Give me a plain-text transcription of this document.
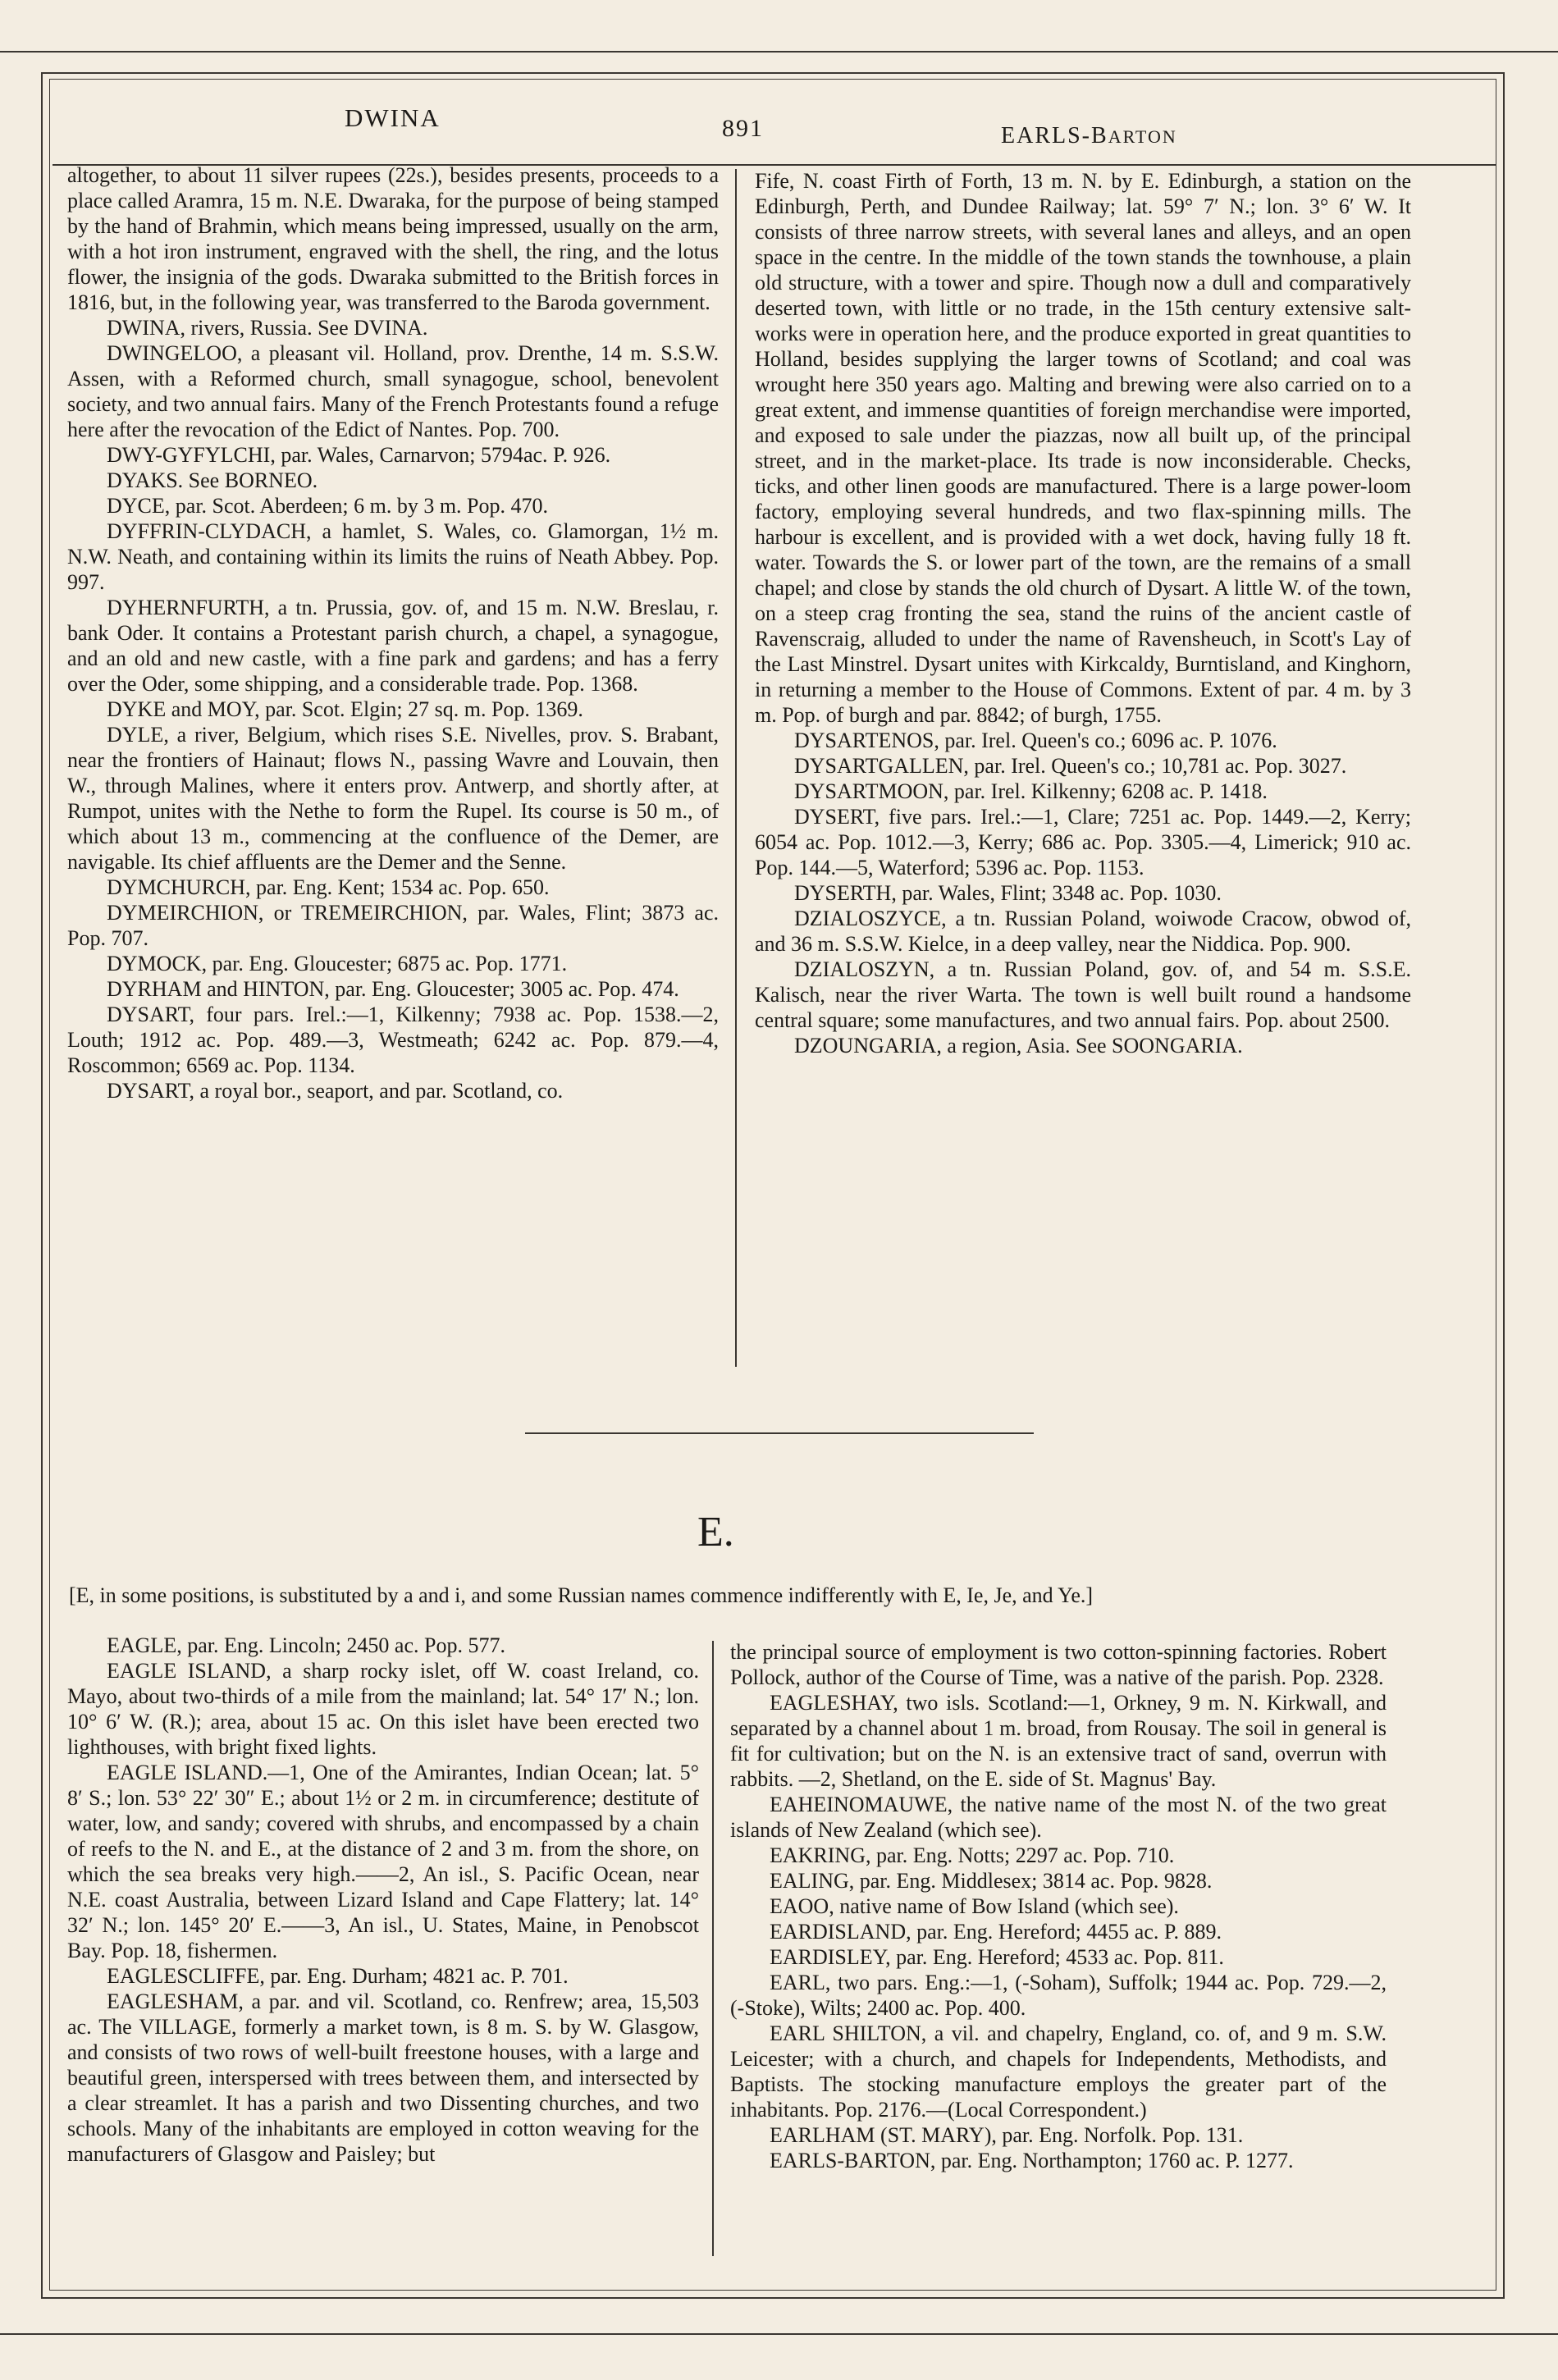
DWINA	891	EARLS-BARTON

altogether, to about 11 silver rupees (22s.), besides presents, proceeds to a place called Aramra, 15 m. N.E. Dwaraka, for the purpose of being stamped by the hand of Brahmin, which means being impressed, usually on the arm, with a hot iron instrument, engraved with the shell, the ring, and the lotus flower, the insignia of the gods. Dwaraka submitted to the British forces in 1816, but, in the following year, was transferred to the Baroda government.

DWINA, rivers, Russia. See DVINA.

DWINGELOO, a pleasant vil. Holland, prov. Drenthe, 14 m. S.S.W. Assen, with a Reformed church, small synagogue, school, benevolent society, and two annual fairs. Many of the French Protestants found a refuge here after the revocation of the Edict of Nantes. Pop. 700.

DWY-GYFYLCHI, par. Wales, Carnarvon; 5794ac. P. 926.

DYAKS. See BORNEO.

DYCE, par. Scot. Aberdeen; 6 m. by 3 m. Pop. 470.

DYFFRIN-CLYDACH, a hamlet, S. Wales, co. Glamorgan, 1½ m. N.W. Neath, and containing within its limits the ruins of Neath Abbey. Pop. 997.

DYHERNFURTH, a tn. Prussia, gov. of, and 15 m. N.W. Breslau, r. bank Oder. It contains a Protestant parish church, a chapel, a synagogue, and an old and new castle, with a fine park and gardens; and has a ferry over the Oder, some shipping, and a considerable trade. Pop. 1368.

DYKE and MOY, par. Scot. Elgin; 27 sq. m. Pop. 1369.

DYLE, a river, Belgium, which rises S.E. Nivelles, prov. S. Brabant, near the frontiers of Hainaut; flows N., passing Wavre and Louvain, then W., through Malines, where it enters prov. Antwerp, and shortly after, at Rumpot, unites with the Nethe to form the Rupel. Its course is 50 m., of which about 13 m., commencing at the confluence of the Demer, are navigable. Its chief affluents are the Demer and the Senne.

DYMCHURCH, par. Eng. Kent; 1534 ac. Pop. 650.

DYMEIRCHION, or TREMEIRCHION, par. Wales, Flint; 3873 ac. Pop. 707.

DYMOCK, par. Eng. Gloucester; 6875 ac. Pop. 1771.

DYRHAM and HINTON, par. Eng. Gloucester; 3005 ac. Pop. 474.

DYSART, four pars. Irel.:—1, Kilkenny; 7938 ac. Pop. 1538.—2, Louth; 1912 ac. Pop. 489.—3, Westmeath; 6242 ac. Pop. 879.—4, Roscommon; 6569 ac. Pop. 1134.

DYSART, a royal bor., seaport, and par. Scotland, co.

Fife, N. coast Firth of Forth, 13 m. N. by E. Edinburgh, a station on the Edinburgh, Perth, and Dundee Railway; lat. 59° 7′ N.; lon. 3° 6′ W. It consists of three narrow streets, with several lanes and alleys, and an open space in the centre. In the middle of the town stands the townhouse, a plain old structure, with a tower and spire. Though now a dull and comparatively deserted town, with little or no trade, in the 15th century extensive salt-works were in operation here, and the produce exported in great quantities to Holland, besides supplying the larger towns of Scotland; and coal was wrought here 350 years ago. Malting and brewing were also carried on to a great extent, and immense quantities of foreign merchandise were imported, and exposed to sale under the piazzas, now all built up, of the principal street, and in the market-place. Its trade is now inconsiderable. Checks, ticks, and other linen goods are manufactured. There is a large power-loom factory, employing several hundreds, and two flax-spinning mills. The harbour is excellent, and is provided with a wet dock, having fully 18 ft. water. Towards the S. or lower part of the town, are the remains of a small chapel; and close by stands the old church of Dysart. A little W. of the town, on a steep crag fronting the sea, stand the ruins of the ancient castle of Ravenscraig, alluded to under the name of Ravensheuch, in Scott's Lay of the Last Minstrel. Dysart unites with Kirkcaldy, Burntisland, and Kinghorn, in returning a member to the House of Commons. Extent of par. 4 m. by 3 m. Pop. of burgh and par. 8842; of burgh, 1755.

DYSARTENOS, par. Irel. Queen's co.; 6096 ac. P. 1076.

DYSARTGALLEN, par. Irel. Queen's co.; 10,781 ac. Pop. 3027.

DYSARTMOON, par. Irel. Kilkenny; 6208 ac. P. 1418.

DYSERT, five pars. Irel.:—1, Clare; 7251 ac. Pop. 1449.—2, Kerry; 6054 ac. Pop. 1012.—3, Kerry; 686 ac. Pop. 3305.—4, Limerick; 910 ac. Pop. 144.—5, Waterford; 5396 ac. Pop. 1153.

DYSERTH, par. Wales, Flint; 3348 ac. Pop. 1030.

DZIALOSZYCE, a tn. Russian Poland, woiwode Cracow, obwod of, and 36 m. S.S.W. Kielce, in a deep valley, near the Niddica. Pop. 900.

DZIALOSZYN, a tn. Russian Poland, gov. of, and 54 m. S.S.E. Kalisch, near the river Warta. The town is well built round a handsome central square; some manufactures, and two annual fairs. Pop. about 2500.

DZOUNGARIA, a region, Asia. See SOONGARIA.

E.
[E, in some positions, is substituted by a and i, and some Russian names commence indifferently with E, Ie, Je, and Ye.]

EAGLE, par. Eng. Lincoln; 2450 ac. Pop. 577.

EAGLE ISLAND, a sharp rocky islet, off W. coast Ireland, co. Mayo, about two-thirds of a mile from the mainland; lat. 54° 17′ N.; lon. 10° 6′ W. (R.); area, about 15 ac. On this islet have been erected two lighthouses, with bright fixed lights.

EAGLE ISLAND.—1, One of the Amirantes, Indian Ocean; lat. 5° 8′ S.; lon. 53° 22′ 30″ E.; about 1½ or 2 m. in circumference; destitute of water, low, and sandy; covered with shrubs, and encompassed by a chain of reefs to the N. and E., at the distance of 2 and 3 m. from the shore, on which the sea breaks very high.——2, An isl., S. Pacific Ocean, near N.E. coast Australia, between Lizard Island and Cape Flattery; lat. 14° 32′ N.; lon. 145° 20′ E.——3, An isl., U. States, Maine, in Penobscot Bay. Pop. 18, fishermen.

EAGLESCLIFFE, par. Eng. Durham; 4821 ac. P. 701.

EAGLESHAM, a par. and vil. Scotland, co. Renfrew; area, 15,503 ac. The VILLAGE, formerly a market town, is 8 m. S. by W. Glasgow, and consists of two rows of well-built freestone houses, with a large and beautiful green, interspersed with trees between them, and intersected by a clear streamlet. It has a parish and two Dissenting churches, and two schools. Many of the inhabitants are employed in cotton weaving for the manufacturers of Glasgow and Paisley; but

the principal source of employment is two cotton-spinning factories. Robert Pollock, author of the Course of Time, was a native of the parish. Pop. 2328.

EAGLESHAY, two isls. Scotland:—1, Orkney, 9 m. N. Kirkwall, and separated by a channel about 1 m. broad, from Rousay. The soil in general is fit for cultivation; but on the N. is an extensive tract of sand, overrun with rabbits. —2, Shetland, on the E. side of St. Magnus' Bay.

EAHEINOMAUWE, the native name of the most N. of the two great islands of New Zealand (which see).

EAKRING, par. Eng. Notts; 2297 ac. Pop. 710.

EALING, par. Eng. Middlesex; 3814 ac. Pop. 9828.

EAOO, native name of Bow Island (which see).

EARDISLAND, par. Eng. Hereford; 4455 ac. P. 889.

EARDISLEY, par. Eng. Hereford; 4533 ac. Pop. 811.

EARL, two pars. Eng.:—1, (-Soham), Suffolk; 1944 ac. Pop. 729.—2, (-Stoke), Wilts; 2400 ac. Pop. 400.

EARL SHILTON, a vil. and chapelry, England, co. of, and 9 m. S.W. Leicester; with a church, and chapels for Independents, Methodists, and Baptists. The stocking manufacture employs the greater part of the inhabitants. Pop. 2176.—(Local Correspondent.)

EARLHAM (ST. MARY), par. Eng. Norfolk. Pop. 131.

EARLS-BARTON, par. Eng. Northampton; 1760 ac. P. 1277.
